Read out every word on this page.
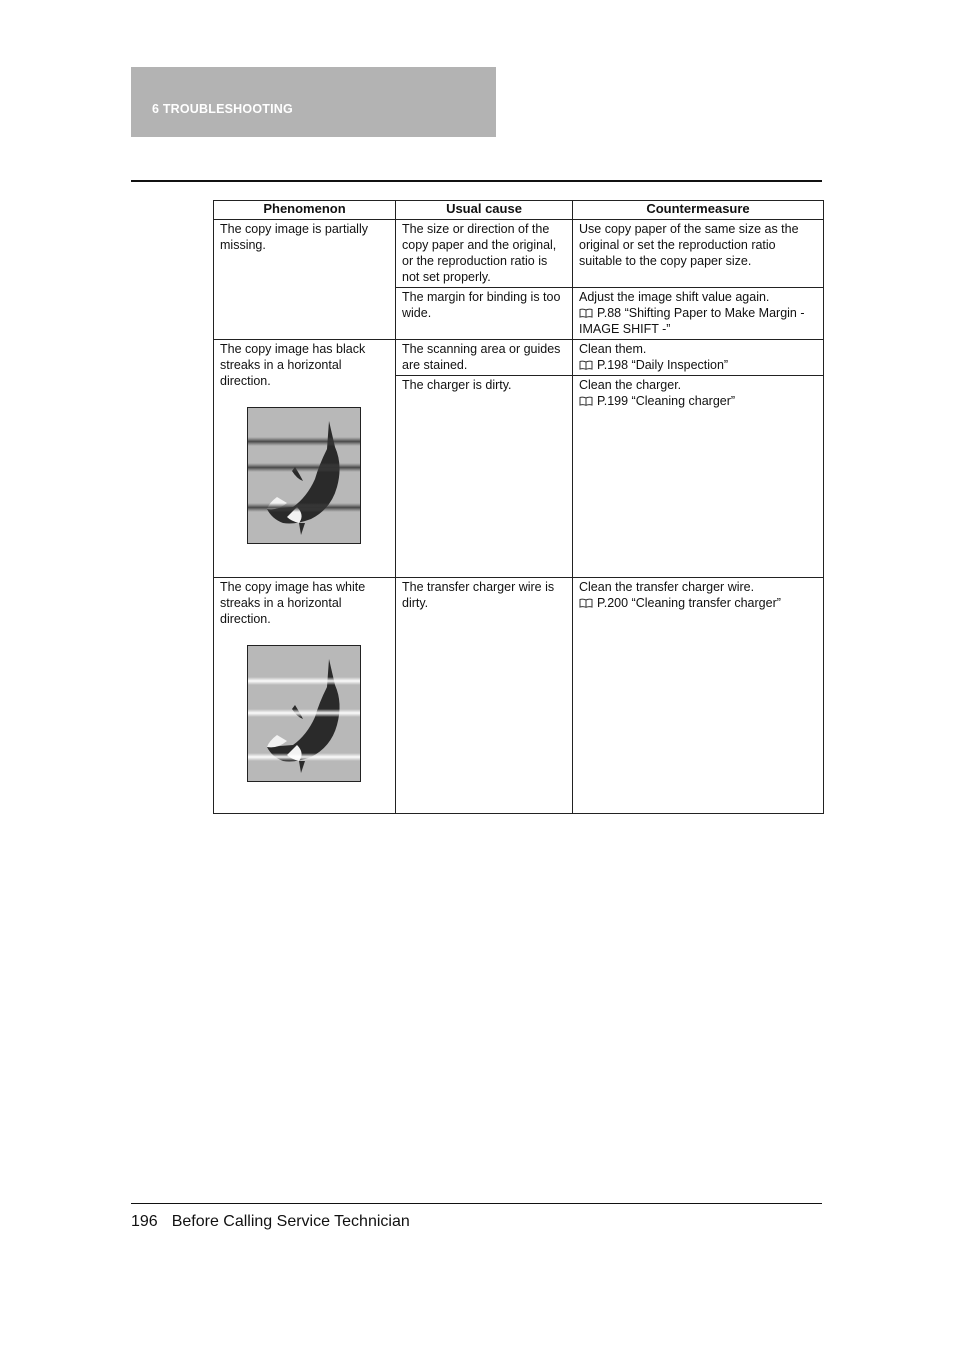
6 TROUBLESHOOTING
Phenomenon	Usual cause	Countermeasure
The copy image is partially missing.	The size or direction of the copy paper and the original, or the reproduction ratio is not set properly.	Use copy paper of the same size as the original or set the reproduction ratio suitable to the copy paper size.
	The margin for binding is too wide.	Adjust the image shift value again.
P.88 “Shifting Paper to Make Margin - IMAGE SHIFT -”
The copy image has black streaks in a horizontal direction.	The scanning area or guides are stained.	Clean them.
P.198 “Daily Inspection”
	The charger is dirty.	Clean the charger.
P.199 “Cleaning charger”
The copy image has white streaks in a horizontal direction.	The transfer charger wire is dirty.	Clean the transfer charger wire.
P.200 “Cleaning transfer charger”
196 Before Calling Service Technician
